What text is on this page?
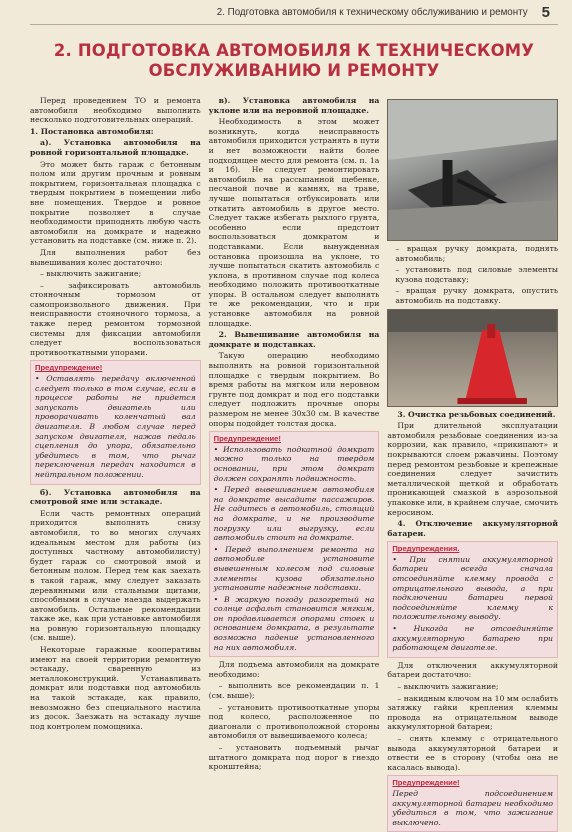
2. Подготовка автомобиля к техническому обслуживанию и ремонту 5
2. ПОДГОТОВКА АВТОМОБИЛЯ К ТЕХНИЧЕСКОМУ
ОБСЛУЖИВАНИЮ И РЕМОНТУ

Перед проведением ТО и ремонта автомобиля необходимо выполнить несколько подготовительных операций.

1. Постановка автомобиля:

а). Установка автомобиля на ровной горизонтальной площадке.

Это может быть гараж с бетонным полом или другим прочным и ровным покрытием, горизонтальная площадка с твердым покрытием в помещении либо вне помещения. Твердое и ровное покрытие позволяет в случае необходимости приподнять любую часть автомобиля на домкрате и надежно установить на подставке (см. ниже п. 2).

Для выполнения работ без вывешивания колес достаточно:

– выключить зажигание;

– зафиксировать автомобиль стояночным тормозом от самопроизвольного движения. При неисправности стояночного тормоза, а также перед ремонтом тормозной системы для фиксации автомобиля следует воспользоваться противооткатными упорами.

Предупреждение!

• Оставлять передачу включенной следует только в том случае, если в процессе работы не придется запускать двигатель или проворачивать коленчатый вал двигателя. В любом случае перед запуском двигателя, нажав педаль сцепления до упора, обязательно убедитесь в том, что рычаг переключения передач находится в нейтральном положении.

б). Установка автомобиля на смотровой яме или эстакаде.

Если часть ремонтных операций приходится выполнять снизу автомобиля, то во многих случаях идеальным местом для работы (из доступных частному автомобилисту) будет гараж со смотровой ямой и бетонным полом. Перед тем как заехать в такой гараж, мму следует заказать деревянными или стальными щитами, способными в случае наезда выдержать автомобиль. Остальные рекомендации также же, как при установке автомобиля на ровную горизонтальную площадку (см. выше).

Некоторые гаражные кооперативы имеют на своей территории ремонтную эстакаду, сваренную из металлоконструкций. Устанавливать домкрат или подставки под автомобиль на такой эстакаде, как правило, невозможно без специального настила из досок. Заезжать на эстакаду лучше под контролем помощника.

в). Установка автомобиля на уклоне или на неровной площадке.

Необходимость в этом может возникнуть, когда неисправность автомобиля приходится устранять в пути и нет возможности найти более подходящее место для ремонта (см. п. 1а и 1б). Не следует ремонтировать автомобиль на рассыпанной щебенке, песчаной почве и камнях, на траве, лучше попытаться отбуксировать или откатить автомобиль в другое место. Следует также избегать рыхлого грунта, особенно если предстоит воспользоваться домкратом и подставками. Если вынужденная остановка произошла на уклоне, то лучше попытаться скатить автомобиль с уклона, в противном случае под колеса необходимо положить противооткатные упоры. В остальном следует выполнять те же рекомендации, что и при установке автомобиля на ровной площадке.

2. Вывешивание автомобиля на домкрате и подставках.

Такую операцию необходимо выполнять на ровной горизонтальной площадке с твердым покрытием. Во время работы на мягком или неровном грунте под домкрат и под его подставки следует подложить прочные опоры размером не менее 30x30 см. В качестве опоры подойдет толстая доска.

Предупреждение!

• Использовать подкатной домкрат можно только на твердом основании, при этом домкрат должен сохранять подвижность.

• Перед вывешиванием автомобиля на домкрате высадите пассажиров. Не садитесь в автомобиль, стоящий на домкрате, и не производите погрузку или выгрузку, если автомобиль стоит на домкрате.

• Перед выполнением ремонта на автомобиле установите вывешенным колесом под силовые элементы кузова обязательно установите надежные подставки.

• В жаркую погоду разогретый на солнце асфальт становится мягким, он продавливается опорами стоек и основанием домкрата, в результате возможно падение установленного на них автомобиля.

Для подъема автомобиля на домкрате необходимо:

– выполнить все рекомендации п. 1 (см. выше);

– установить противооткатные упоры под колесо, расположенное по диагонали с противоположной стороны автомобиля от вывешиваемого колеса;

– установить подъемный рычаг штатного домкрата под порог в гнездо кронштейна;

– вращая ручку домкрата, поднять автомобиль;

– установить под силовые элементы кузова подставку;

– вращая ручку домкрата, опустить автомобиль на подставку.

3. Очистка резьбовых соединений.

При длительной эксплуатации автомобиля резьбовые соединения из-за коррозии, как правило, «прикипают» и покрываются слоем ржавчины. Поэтому перед ремонтом резьбовые и крепежные соединения следует зачистить металлической щеткой и обработать проникающей смазкой в аэрозольной упаковке или, в крайнем случае, смочить керосином.

4. Отключение аккумуляторной батареи.

Предупреждения.

• При снятии аккумуляторной батареи всегда сначала отсоединяйте клемму провода с отрицательного вывода, а при подключении батареи первой подсоединяйте клемму к положительному выводу.

• Никогда не отсоединяйте аккумуляторную батарею при работающем двигателе.

Для отключения аккумуляторной батареи достаточно:

– выключить зажигание;

– накидным ключом на 10 мм ослабить затяжку гайки крепления клеммы провода на отрицательном выводе аккумуляторной батареи;

– снять клемму с отрицательного вывода аккумуляторной батареи и отвести ее в сторону (чтобы она не касалась вывода).

Предупреждение!

Перед подсоединением аккумуляторной батареи необходимо убедиться в том, что зажигание выключено.
